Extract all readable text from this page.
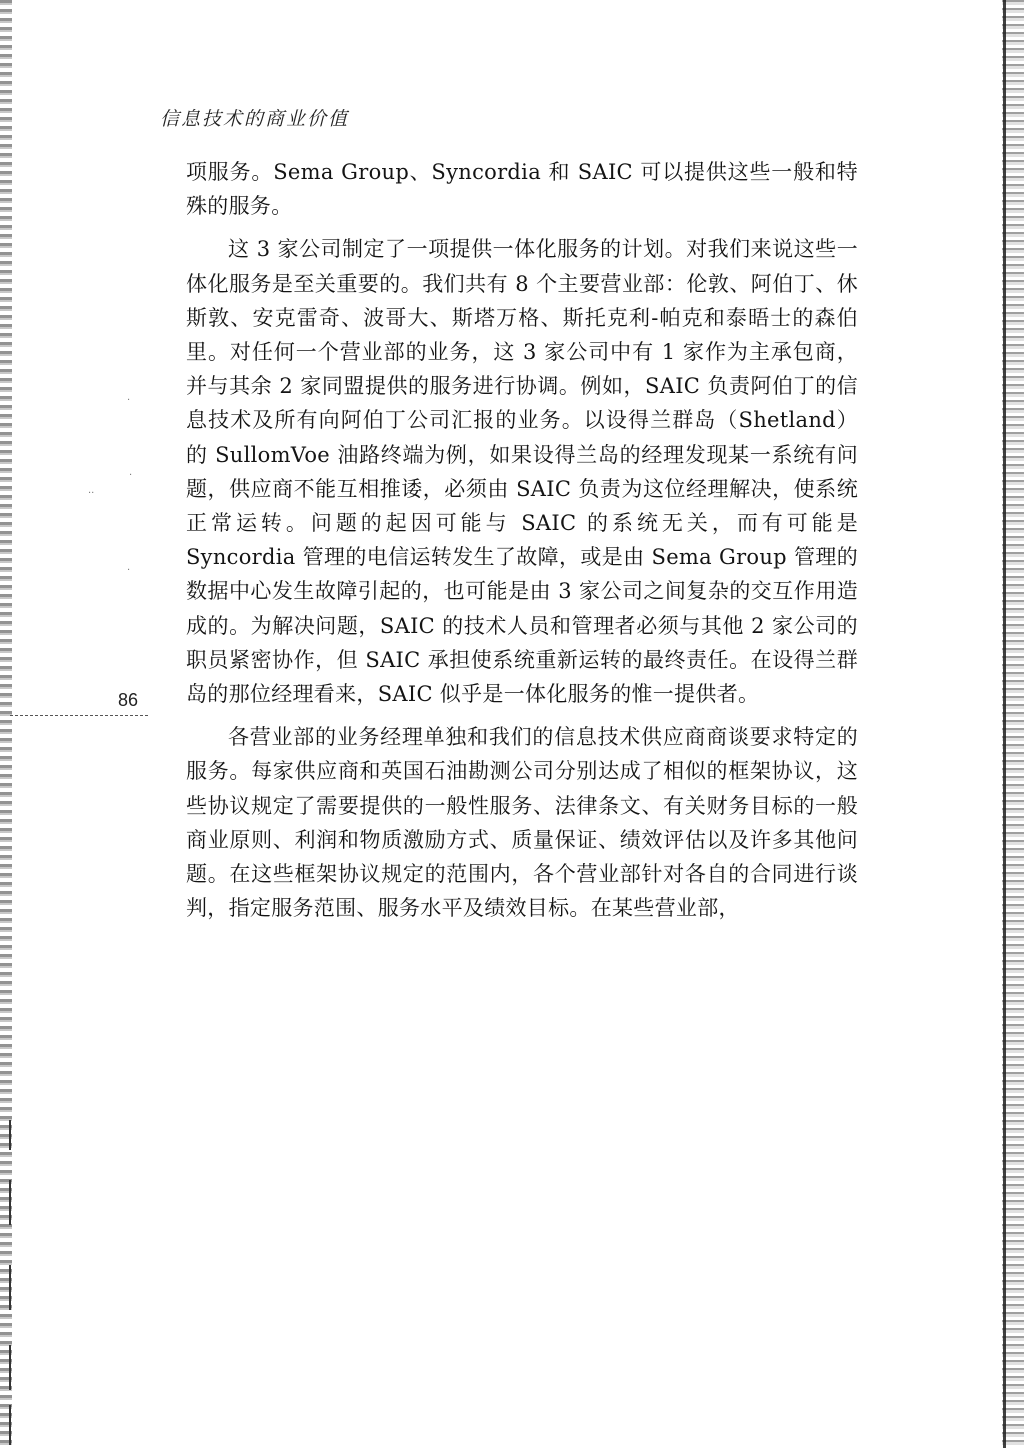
·
·
··
·
信息技术的商业价值
86

项服务。Sema Group、Syncordia 和 SAIC 可以提供这些一般和特殊的服务。

这 3 家公司制定了一项提供一体化服务的计划。对我们来说这些一体化服务是至关重要的。我们共有 8 个主要营业部：伦敦、阿伯丁、休斯敦、安克雷奇、波哥大、斯塔万格、斯托克利-帕克和泰晤士的森伯里。对任何一个营业部的业务，这 3 家公司中有 1 家作为主承包商，并与其余 2 家同盟提供的服务进行协调。例如，SAIC 负责阿伯丁的信息技术及所有向阿伯丁公司汇报的业务。以设得兰群岛（Shetland）的 SullomVoe 油路终端为例，如果设得兰岛的经理发现某一系统有问题，供应商不能互相推诿，必须由 SAIC 负责为这位经理解决，使系统正常运转。问题的起因可能与 SAIC 的系统无关，而有可能是 Syncordia 管理的电信运转发生了故障，或是由 Sema Group 管理的数据中心发生故障引起的，也可能是由 3 家公司之间复杂的交互作用造成的。为解决问题，SAIC 的技术人员和管理者必须与其他 2 家公司的职员紧密协作，但 SAIC 承担使系统重新运转的最终责任。在设得兰群岛的那位经理看来，SAIC 似乎是一体化服务的惟一提供者。

各营业部的业务经理单独和我们的信息技术供应商商谈要求特定的服务。每家供应商和英国石油勘测公司分别达成了相似的框架协议，这些协议规定了需要提供的一般性服务、法律条文、有关财务目标的一般商业原则、利润和物质激励方式、质量保证、绩效评估以及许多其他问题。在这些框架协议规定的范围内，各个营业部针对各自的合同进行谈判，指定服务范围、服务水平及绩效目标。在某些营业部，
